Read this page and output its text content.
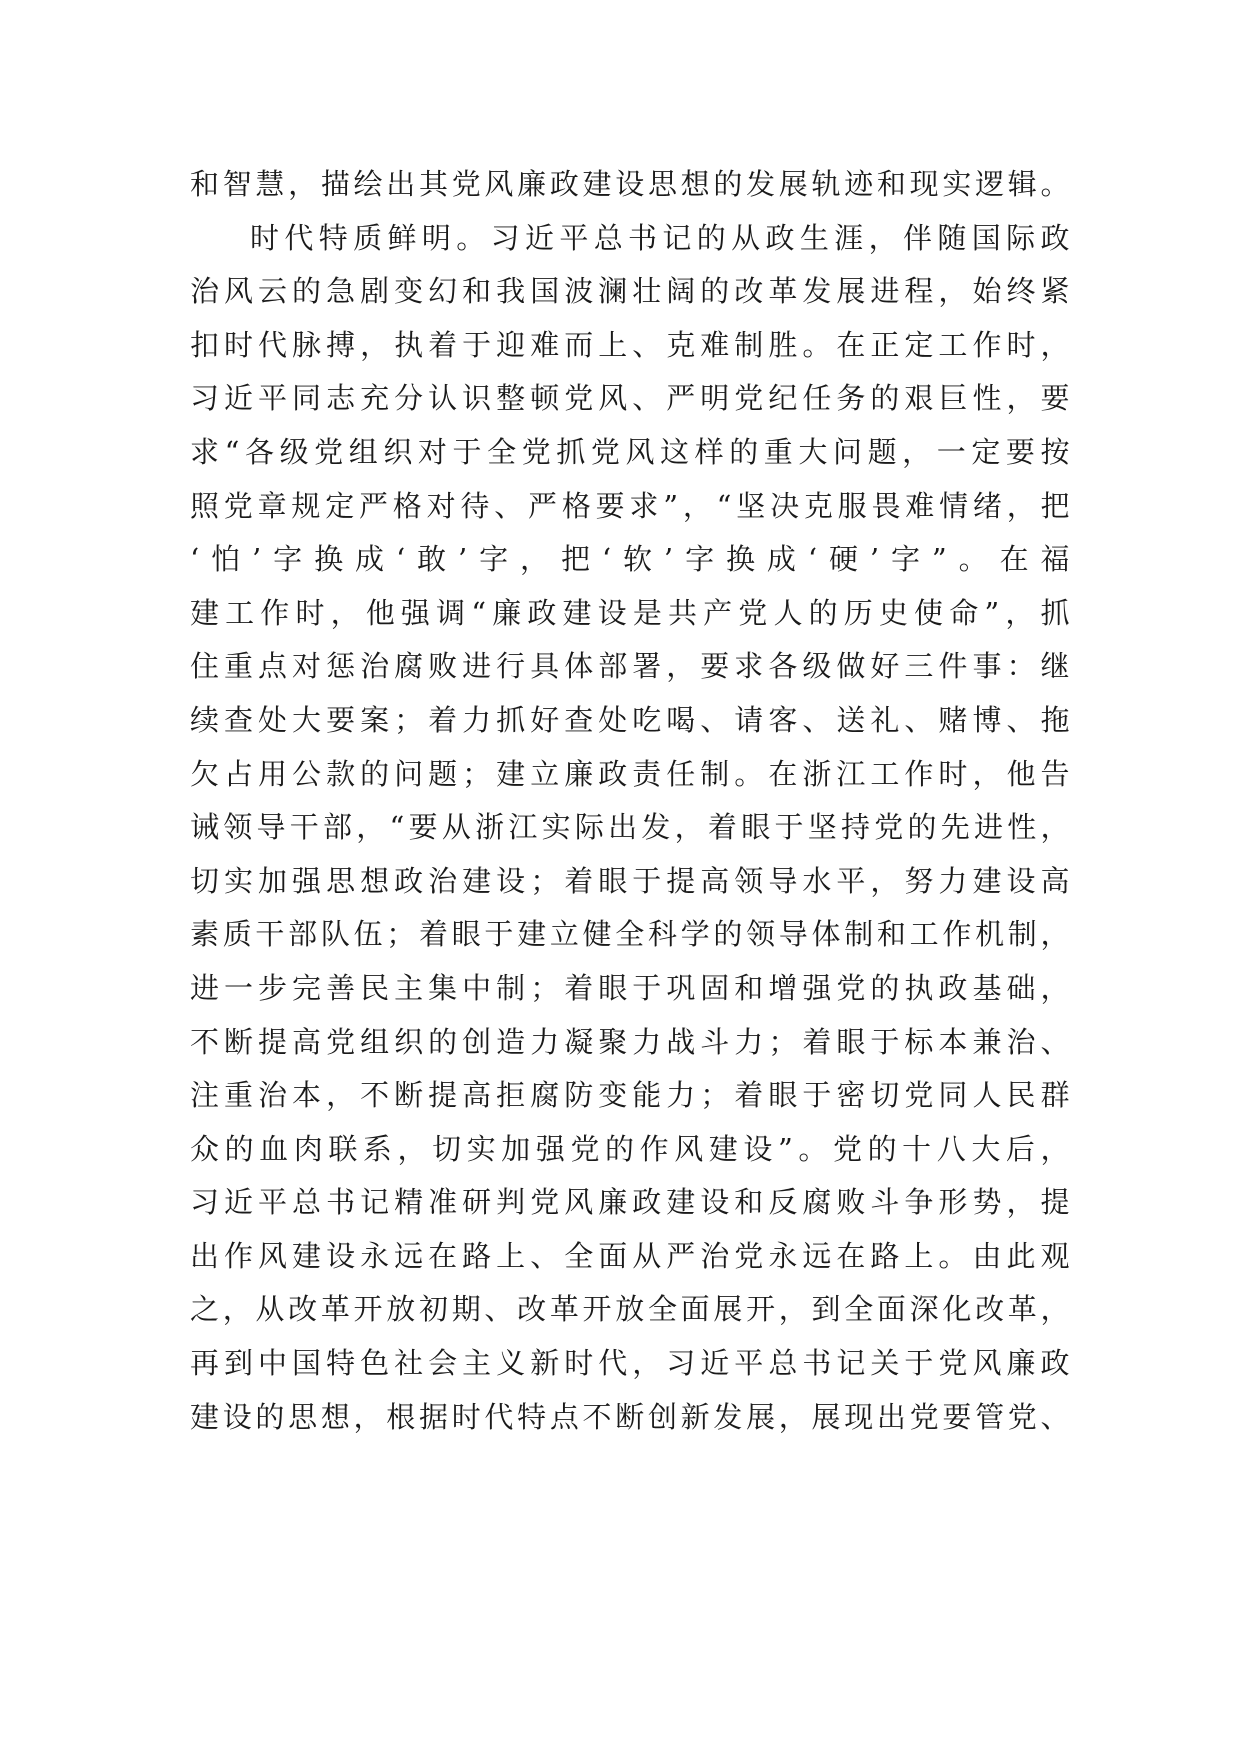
和智慧，描绘出其党风廉政建设思想的发展轨迹和现实逻辑。
时代特质鲜明。习近平总书记的从政生涯，伴随国际政
治风云的急剧变幻和我国波澜壮阔的改革发展进程，始终紧
扣时代脉搏，执着于迎难而上、克难制胜。在正定工作时，
习近平同志充分认识整顿党风、严明党纪任务的艰巨性，要
求“各级党组织对于全党抓党风这样的重大问题，一定要按
照党章规定严格对待、严格要求”，“坚决克服畏难情绪，把
‘怕’字换成‘敢’字，把‘软’字换成‘硬’字”。在福
建工作时，他强调“廉政建设是共产党人的历史使命”，抓
住重点对惩治腐败进行具体部署，要求各级做好三件事：继
续查处大要案；着力抓好查处吃喝、请客、送礼、赌博、拖
欠占用公款的问题；建立廉政责任制。在浙江工作时，他告
诫领导干部，“要从浙江实际出发，着眼于坚持党的先进性，
切实加强思想政治建设；着眼于提高领导水平，努力建设高
素质干部队伍；着眼于建立健全科学的领导体制和工作机制，
进一步完善民主集中制；着眼于巩固和增强党的执政基础，
不断提高党组织的创造力凝聚力战斗力；着眼于标本兼治、
注重治本，不断提高拒腐防变能力；着眼于密切党同人民群
众的血肉联系，切实加强党的作风建设”。党的十八大后，
习近平总书记精准研判党风廉政建设和反腐败斗争形势，提
出作风建设永远在路上、全面从严治党永远在路上。由此观
之，从改革开放初期、改革开放全面展开，到全面深化改革，
再到中国特色社会主义新时代，习近平总书记关于党风廉政
建设的思想，根据时代特点不断创新发展，展现出党要管党、
